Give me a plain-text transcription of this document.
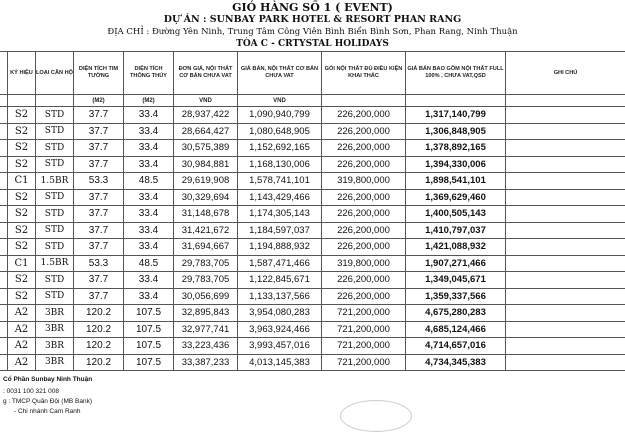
GIỎ HÀNG SỐ 1 ( EVENT)
DỰ ÁN : SUNBAY PARK HOTEL & RESORT PHAN RANG
ĐỊA CHỈ : Đường Yên Ninh, Trung Tâm Công Viên Bình Biển Bình Sơn, Phan Rang, Ninh Thuận
TÒA C - CRTYSTAL HOLIDAYS
	KÝ HIỆU	LOẠI CĂN HỘ	DIỆN TÍCH TIM TƯỜNG	DIỆN TÍCH THÔNG THỦY	ĐƠN GIÁ, NỘI THẤT CƠ BẢN CHƯA VAT	GIÁ BÁN, NỘI THẤT CƠ BẢN CHƯA VAT	GÓI NỘI THẤT ĐỦ ĐIỀU KIỆN KHAI THÁC	GIÁ BÁN BAO GỒM NỘI THẤT FULL 100% , CHƯA VAT,QSD	GHI CHÚ
			(M2)	(M2)	VND	VND			
	S2	STD	37.7	33.4	28,937,422	1,090,940,799	226,200,000	1,317,140,799	
	S2	STD	37.7	33.4	28,664,427	1,080,648,905	226,200,000	1,306,848,905	
	S2	STD	37.7	33.4	30,575,389	1,152,692,165	226,200,000	1,378,892,165	
	S2	STD	37.7	33.4	30,984,881	1,168,130,006	226,200,000	1,394,330,006	
	C1	1.5BR	53.3	48.5	29,619,908	1,578,741,101	319,800,000	1,898,541,101	
	S2	STD	37.7	33.4	30,329,694	1,143,429,466	226,200,000	1,369,629,460	
	S2	STD	37.7	33.4	31,148,678	1,174,305,143	226,200,000	1,400,505,143	
	S2	STD	37.7	33.4	31,421,672	1,184,597,037	226,200,000	1,410,797,037	
	S2	STD	37.7	33.4	31,694,667	1,194,888,932	226,200,000	1,421,088,932	
	C1	1.5BR	53.3	48.5	29,783,705	1,587,471,466	319,800,000	1,907,271,466	
	S2	STD	37.7	33.4	29,783,705	1,122,845,671	226,200,000	1,349,045,671	
	S2	STD	37.7	33.4	30,056,699	1,133,137,566	226,200,000	1,359,337,566	
	A2	3BR	120.2	107.5	32,895,843	3,954,080,283	721,200,000	4,675,280,283	
	A2	3BR	120.2	107.5	32,977,741	3,963,924,466	721,200,000	4,685,124,466	
	A2	3BR	120.2	107.5	33,223,436	3,993,457,016	721,200,000	4,714,657,016	
	A2	3BR	120.2	107.5	33,387,233	4,013,145,383	721,200,000	4,734,345,383	
Cổ Phần Sunbay Ninh Thuận
: 0031 100 321 008
g : TMCP Quân Đội (MB Bank)
- Chi nhánh Cam Ranh
